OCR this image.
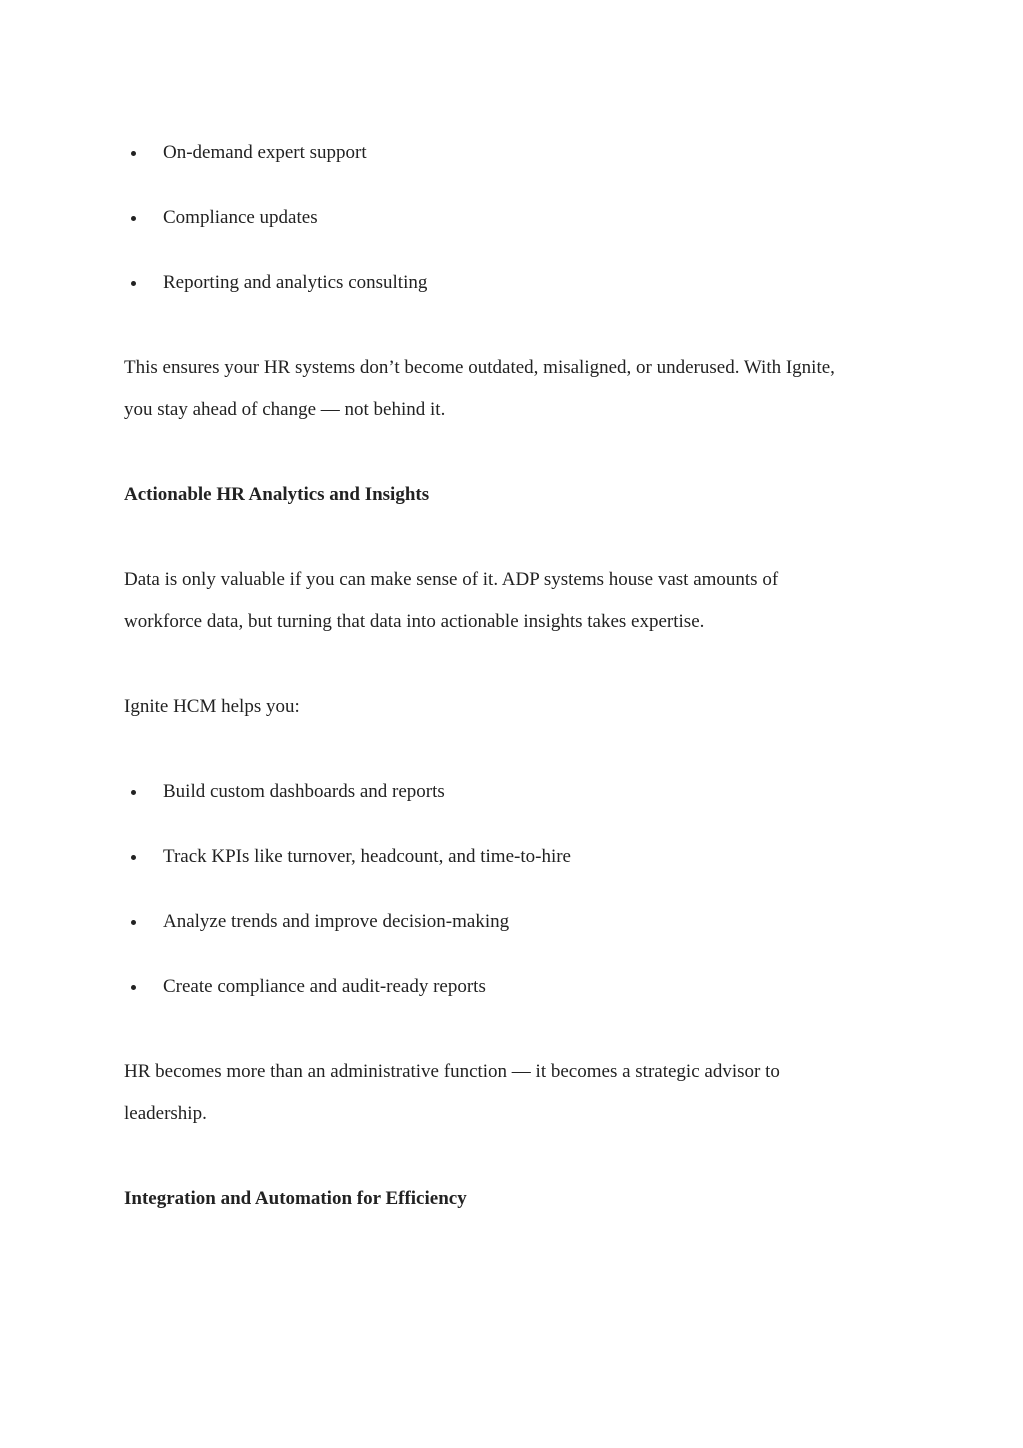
On-demand expert support
Compliance updates
Reporting and analytics consulting

This ensures your HR systems don’t become outdated, misaligned, or underused. With Ignite,
you stay ahead of change — not behind it.

Actionable HR Analytics and Insights

Data is only valuable if you can make sense of it. ADP systems house vast amounts of
workforce data, but turning that data into actionable insights takes expertise.

Ignite HCM helps you:

Build custom dashboards and reports
Track KPIs like turnover, headcount, and time-to-hire
Analyze trends and improve decision-making
Create compliance and audit-ready reports

HR becomes more than an administrative function — it becomes a strategic advisor to
leadership.

Integration and Automation for Efficiency
